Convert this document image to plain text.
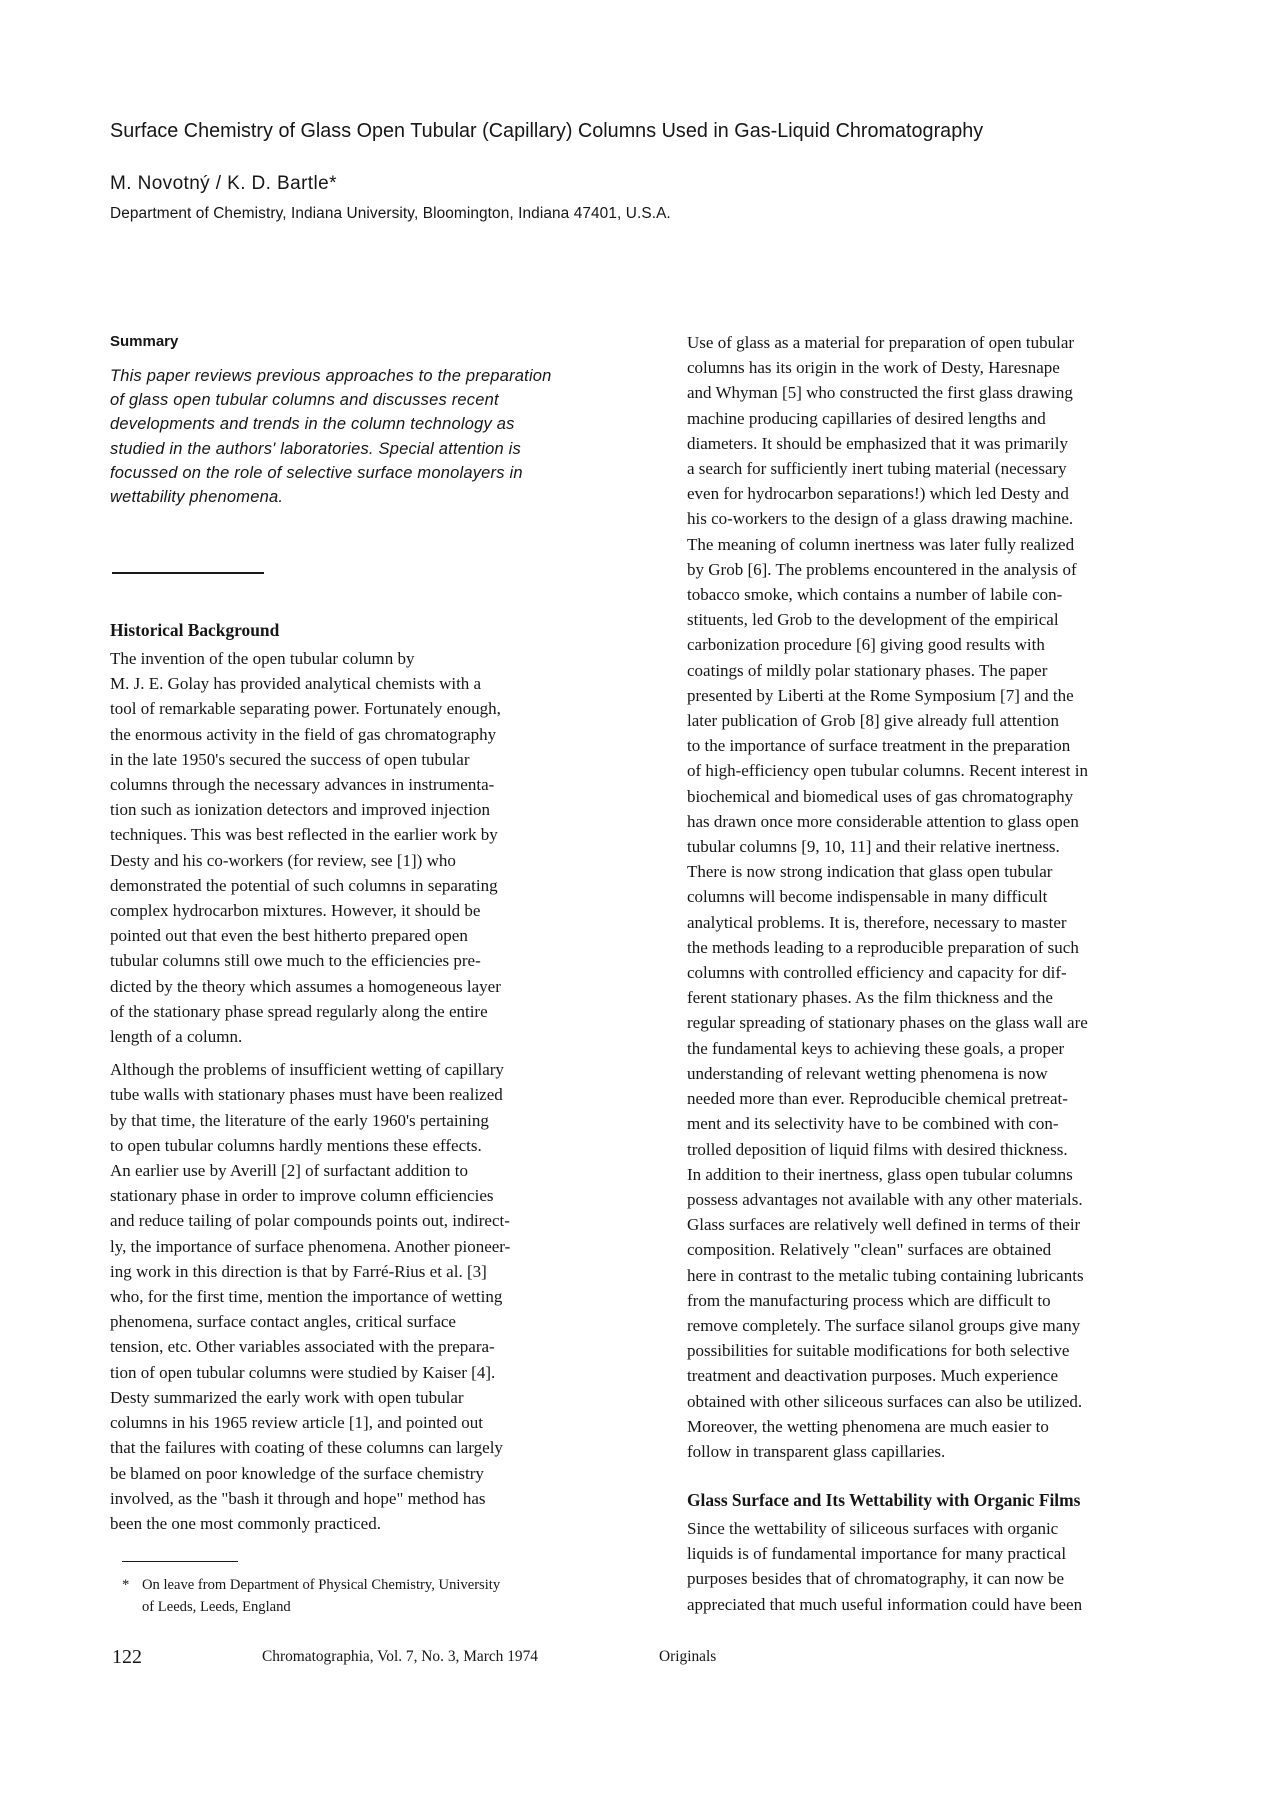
Surface Chemistry of Glass Open Tubular (Capillary) Columns Used in Gas-Liquid Chromatography
M. Novotný / K. D. Bartle*
Department of Chemistry, Indiana University, Bloomington, Indiana 47401, U.S.A.
Summary
This paper reviews previous approaches to the preparation
of glass open tubular columns and discusses recent
developments and trends in the column technology as
studied in the authors' laboratories. Special attention is
focussed on the role of selective surface monolayers in
wettability phenomena.
Historical Background
The invention of the open tubular column by
M. J. E. Golay has provided analytical chemists with a
tool of remarkable separating power. Fortunately enough,
the enormous activity in the field of gas chromatography
in the late 1950's secured the success of open tubular
columns through the necessary advances in instrumenta-
tion such as ionization detectors and improved injection
techniques. This was best reflected in the earlier work by
Desty and his co-workers (for review, see [1]) who
demonstrated the potential of such columns in separating
complex hydrocarbon mixtures. However, it should be
pointed out that even the best hitherto prepared open
tubular columns still owe much to the efficiencies pre-
dicted by the theory which assumes a homogeneous layer
of the stationary phase spread regularly along the entire
length of a column.
Although the problems of insufficient wetting of capillary
tube walls with stationary phases must have been realized
by that time, the literature of the early 1960's pertaining
to open tubular columns hardly mentions these effects.
An earlier use by Averill [2] of surfactant addition to
stationary phase in order to improve column efficiencies
and reduce tailing of polar compounds points out, indirect-
ly, the importance of surface phenomena. Another pioneer-
ing work in this direction is that by Farré-Rius et al. [3]
who, for the first time, mention the importance of wetting
phenomena, surface contact angles, critical surface
tension, etc. Other variables associated with the prepara-
tion of open tubular columns were studied by Kaiser [4].
Desty summarized the early work with open tubular
columns in his 1965 review article [1], and pointed out
that the failures with coating of these columns can largely
be blamed on poor knowledge of the surface chemistry
involved, as the "bash it through and hope" method has
been the one most commonly practiced.
Use of glass as a material for preparation of open tubular
columns has its origin in the work of Desty, Haresnape
and Whyman [5] who constructed the first glass drawing
machine producing capillaries of desired lengths and
diameters. It should be emphasized that it was primarily
a search for sufficiently inert tubing material (necessary
even for hydrocarbon separations!) which led Desty and
his co-workers to the design of a glass drawing machine.
The meaning of column inertness was later fully realized
by Grob [6]. The problems encountered in the analysis of
tobacco smoke, which contains a number of labile con-
stituents, led Grob to the development of the empirical
carbonization procedure [6] giving good results with
coatings of mildly polar stationary phases. The paper
presented by Liberti at the Rome Symposium [7] and the
later publication of Grob [8] give already full attention
to the importance of surface treatment in the preparation
of high-efficiency open tubular columns. Recent interest in
biochemical and biomedical uses of gas chromatography
has drawn once more considerable attention to glass open
tubular columns [9, 10, 11] and their relative inertness.
There is now strong indication that glass open tubular
columns will become indispensable in many difficult
analytical problems. It is, therefore, necessary to master
the methods leading to a reproducible preparation of such
columns with controlled efficiency and capacity for dif-
ferent stationary phases. As the film thickness and the
regular spreading of stationary phases on the glass wall are
the fundamental keys to achieving these goals, a proper
understanding of relevant wetting phenomena is now
needed more than ever. Reproducible chemical pretreat-
ment and its selectivity have to be combined with con-
trolled deposition of liquid films with desired thickness.
In addition to their inertness, glass open tubular columns
possess advantages not available with any other materials.
Glass surfaces are relatively well defined in terms of their
composition. Relatively "clean" surfaces are obtained
here in contrast to the metalic tubing containing lubricants
from the manufacturing process which are difficult to
remove completely. The surface silanol groups give many
possibilities for suitable modifications for both selective
treatment and deactivation purposes. Much experience
obtained with other siliceous surfaces can also be utilized.
Moreover, the wetting phenomena are much easier to
follow in transparent glass capillaries.
Glass Surface and Its Wettability with Organic Films
Since the wettability of siliceous surfaces with organic
liquids is of fundamental importance for many practical
purposes besides that of chromatography, it can now be
appreciated that much useful information could have been
* On leave from Department of Physical Chemistry, University
of Leeds, Leeds, England
122	Chromatographia, Vol. 7, No. 3, March 1974	Originals
